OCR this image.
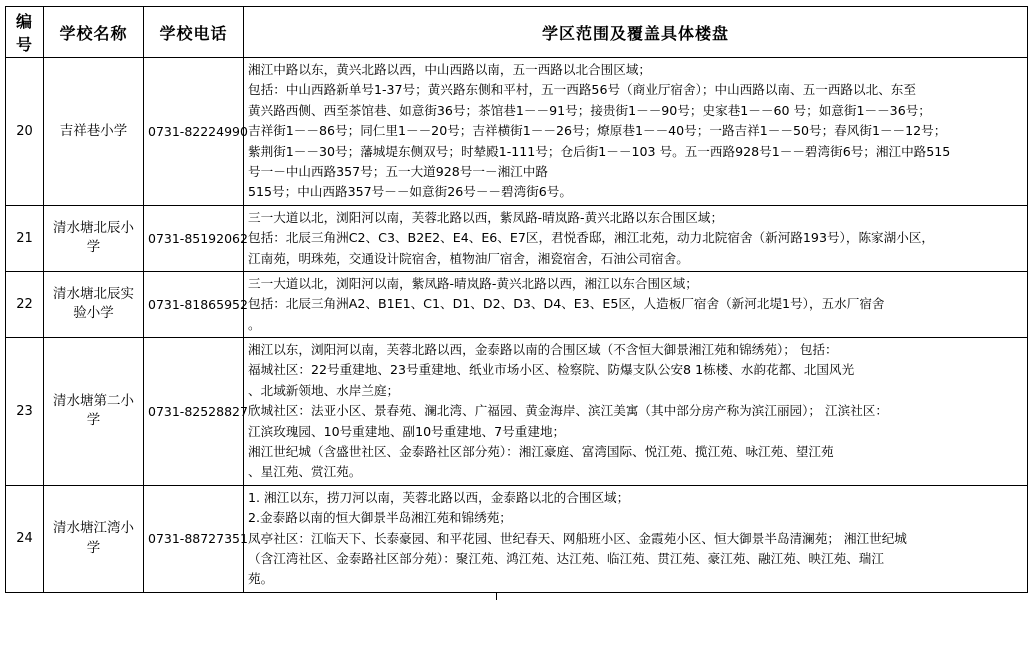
编号	学校名称	学校电话	学区范围及覆盖具体楼盘
20	吉祥巷小学	0731-82224990	
湘江中路以东，黄兴北路以西，中山西路以南，五一西路以北合围区域；
包括：中山西路新单号1-37号；黄兴路东侧和平村，五一西路56号（商业厅宿舍）；中山西路以南、五一西路以北、东至
黄兴路西侧、西至茶馆巷、如意街36号；茶馆巷1－－91号；接贵街1－－90号；史家巷1－－60 号；如意街1－－36号；
吉祥街1－－86号；同仁里1－－20号；吉祥横街1－－26号；燎原巷1－－40号；一路吉祥1－－50号；春风街1－－12号；
紫荆街1－－30号；藩城堤东侧双号；时辇殿1-111号；仓后街1－－103 号。五一西路928号1－－碧湾街6号；湘江中路515
号一－中山西路357号；五一大道928号一－湘江中路
515号；中山西路357号－－如意街26号－－碧湾街6号。

21	清水塘北辰小学	0731-85192062	三一大道以北，浏阳河以南，芙蓉北路以西，紫凤路-晴岚路-黄兴北路以东合围区域；
包括：北辰三角洲C2、C3、B2E2、E4、E6、E7区，君悦香邸，湘江北苑，动力北院宿舍（新河路193号），陈家湖小区，
江南苑，明珠苑，交通设计院宿舍，植物油厂宿舍，湘瓷宿舍，石油公司宿舍。

22	清水塘北辰实验小学	0731-81865952	三一大道以北，浏阳河以南，紫凤路-晴岚路-黄兴北路以西，湘江以东合围区域；
包括：北辰三角洲A2、B1E1、C1、D1、D2、D3、D4、E3、E5区，人造板厂宿舍（新河北堤1号），五水厂宿舍
。

23	清水塘第二小学	0731-82528827	
湘江以东，浏阳河以南，芙蓉北路以西，金泰路以南的合围区域（不含恒大御景湘江苑和锦绣苑）； 包括：
福城社区：22号重建地、23号重建地、纸业市场小区、检察院、防爆支队公安8 1栋楼、水韵花都、北国风光
、北域新领地、水岸兰庭；
欣城社区：法亚小区、景春苑、澜北湾、广福园、黄金海岸、滨江美寓（其中部分房产称为滨江丽园）； 江滨社区：
江滨玫瑰园、10号重建地、副10号重建地、7号重建地；
湘江世纪城（含盛世社区、金泰路社区部分苑）：湘江豪庭、富湾国际、悦江苑、揽江苑、咏江苑、望江苑
、星江苑、赏江苑。

24	清水塘江湾小学	0731-88727351	1. 湘江以东，捞刀河以南，芙蓉北路以西，金泰路以北的合围区域；
2.金泰路以南的恒大御景半岛湘江苑和锦绣苑；
凤亭社区：江临天下、长泰豪园、和平花园、世纪春天、网船班小区、金霞苑小区、恒大御景半岛清澜苑； 湘江世纪城
（含江湾社区、金泰路社区部分苑）：聚江苑、鸿江苑、达江苑、临江苑、贯江苑、豪江苑、融江苑、映江苑、瑞江
苑。
